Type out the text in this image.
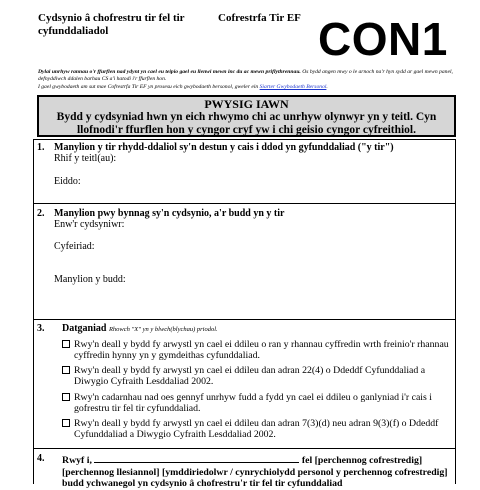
Cydsynio â chofrestru tir fel tir cyfunddaliadol
Cofrestrfa Tir EF CON1
Dylai unrhyw rannau o'r ffurflen nad ydynt yn cael eu teipio gael eu llenwi mewn inc du ac mewn priflythrennau. Os bydd angen mwy o le arnoch na'r hyn sydd ar gael mewn panel, defnyddiwch ddalen barhau CS a'i hatodi i'r ffurflen hon.
I gael gwybodaeth am sut mae Cofrestrfa Tir EF yn prosesu eich gwybodaeth bersonol, gweler ein Siarter Gwybodaeth Bersonol.
PWYSIG IAWN
Bydd y cydsyniad hwn yn eich rhwymo chi ac unrhyw olynwyr yn y teitl. Cyn llofnodi'r ffurflen hon y cyngor cryf yw i chi geisio cyngor cyfreithiol.
1. Manylion y tir rhydd-ddaliol sy'n destun y cais i ddod yn gyfunddaliad ("y tir")
Rhif y teitl(au):
Eiddo:
2. Manylion pwy bynnag sy'n cydsynio, a'r budd yn y tir
Enw'r cydsyniwr:
Cyfeiriad:
Manylion y budd:
3. Datganiad Rhowch "X" yn y blwch(blychau) priodol.
Rwy'n deall y bydd fy arwystl yn cael ei ddileu o ran y rhannau cyffredin wrth freinio'r rhannau cyffredin hynny yn y gymdeithas cyfunddaliad.
Rwy'n deall y bydd fy arwystl yn cael ei ddileu dan adran 22(4) o Ddeddf Cyfunddaliad a Diwygio Cyfraith Lesddaliad 2002.
Rwy'n cadarnhau nad oes gennyf unrhyw fudd a fydd yn cael ei ddileu o ganlyniad i'r cais i gofrestru tir fel tir cyfunddaliad.
Rwy'n deall y bydd fy arwystl yn cael ei ddileu dan adran 7(3)(d) neu adran 9(3)(f) o Ddeddf Cyfunddaliad a Diwygio Cyfraith Lesddaliad 2002.
4. Rwyf i,	fel [perchennog cofrestredig] [perchennog llesiannol] [ymddiriedolwr / cynrychiolydd personol y perchennog cofrestredig] budd ychwanegol yn cydsynio â chofrestru'r tir fel tir cyfunddaliad
